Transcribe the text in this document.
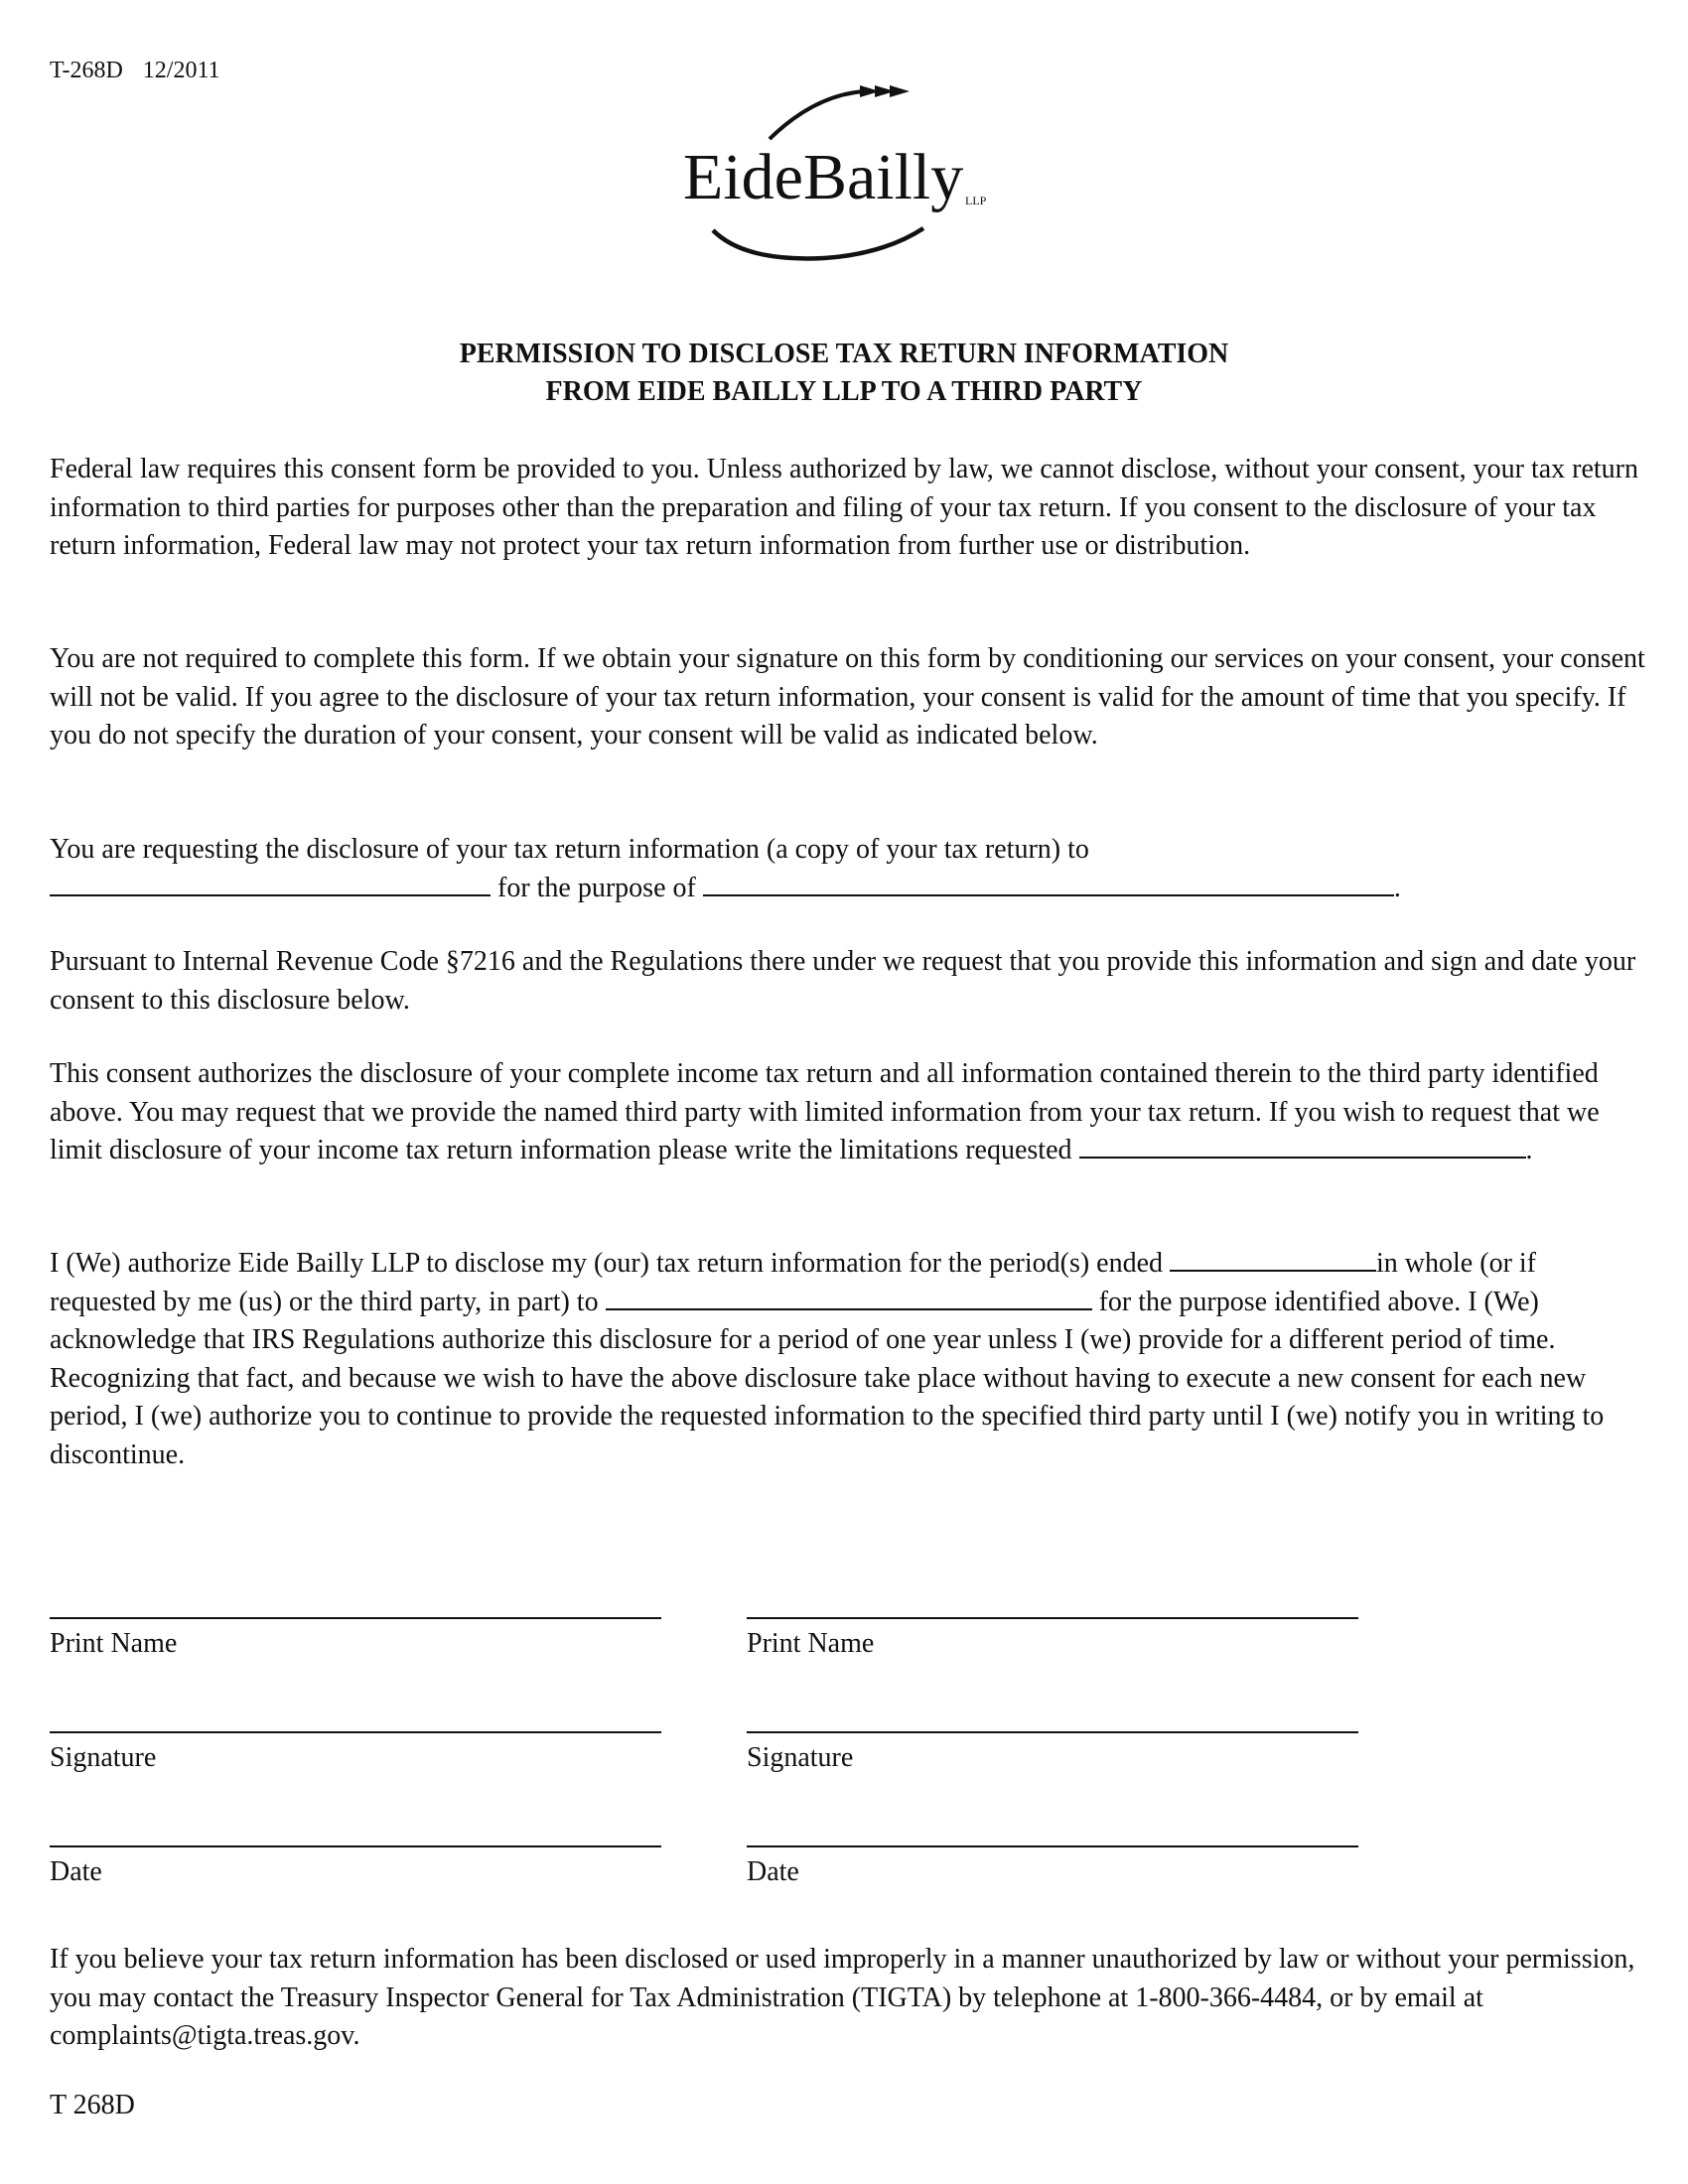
T-268D 12/2011
EideBailly LLP
PERMISSION TO DISCLOSE TAX RETURN INFORMATION
FROM EIDE BAILLY LLP TO A THIRD PARTY

Federal law requires this consent form be provided to you. Unless authorized by law, we cannot disclose, without your consent, your tax return information to third parties for purposes other than the preparation and filing of your tax return. If you consent to the disclosure of your tax return information, Federal law may not protect your tax return information from further use or distribution.

You are not required to complete this form. If we obtain your signature on this form by conditioning our services on your consent, your consent will not be valid. If you agree to the disclosure of your tax return information, your consent is valid for the amount of time that you specify. If you do not specify the duration of your consent, your consent will be valid as indicated below.

You are requesting the disclosure of your tax return information (a copy of your tax return) to
for the purpose of	.

Pursuant to Internal Revenue Code §7216 and the Regulations there under we request that you provide this information and sign and date your consent to this disclosure below.

This consent authorizes the disclosure of your complete income tax return and all information contained therein to the third party identified above. You may request that we provide the named third party with limited information from your tax return. If you wish to request that we limit disclosure of your income tax return information please write the limitations requested	.

I (We) authorize Eide Bailly LLP to disclose my (our) tax return information for the period(s) ended	in whole (or if requested by me (us) or the third party, in part) to	for the purpose identified above. I (We) acknowledge that IRS Regulations authorize this disclosure for a period of one year unless I (we) provide for a different period of time. Recognizing that fact, and because we wish to have the above disclosure take place without having to execute a new consent for each new period, I (we) authorize you to continue to provide the requested information to the specified third party until I (we) notify you in writing to discontinue.

Print Name
Signature
Date
Print Name
Signature
Date

If you believe your tax return information has been disclosed or used improperly in a manner unauthorized by law or without your permission, you may contact the Treasury Inspector General for Tax Administration (TIGTA) by telephone at 1-800-366-4484, or by email at complaints@tigta.treas.gov.

T 268D
